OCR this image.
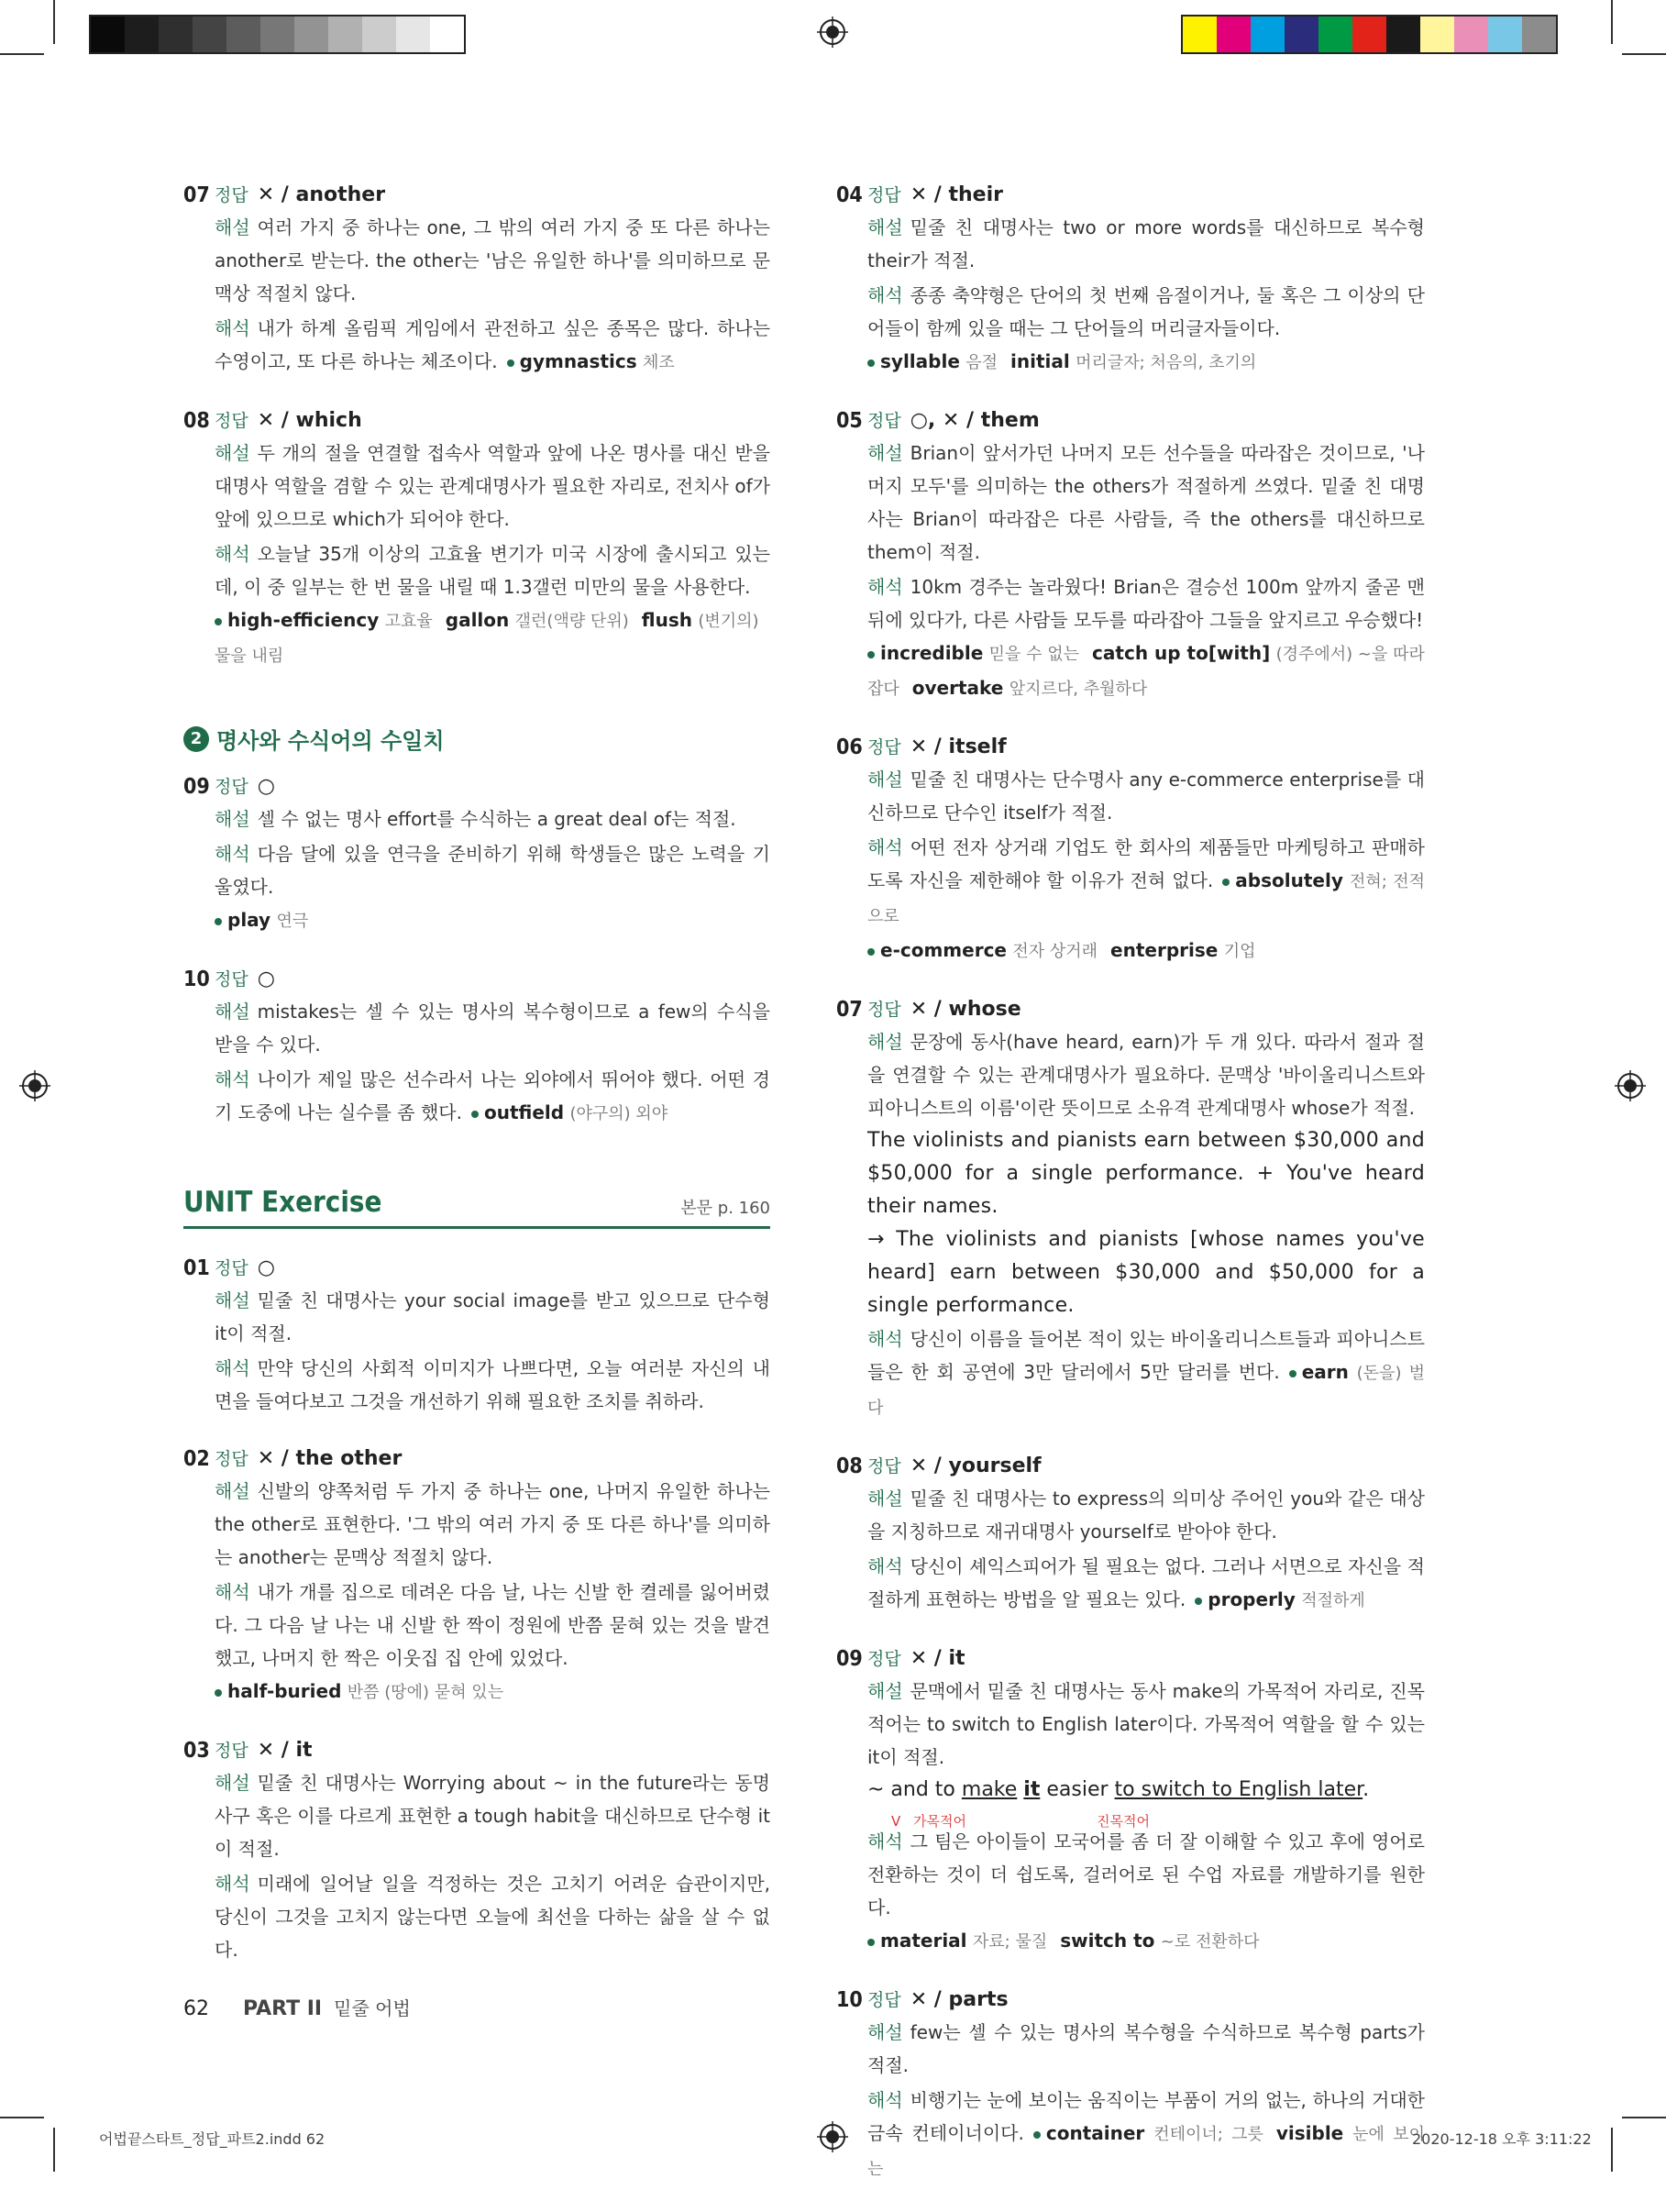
07 정답 ✕ / another
해설 여러 가지 중 하나는 one, 그 밖의 여러 가지 중 또 다른 하나는 another로 받는다. the other는 '남은 유일한 하나'를 의미하므로 문맥상 적절치 않다.
해석 내가 하계 올림픽 게임에서 관전하고 싶은 종목은 많다. 하나는 수영이고, 또 다른 하나는 체조이다. gymnastics 체조
08 정답 ✕ / which
해설 두 개의 절을 연결할 접속사 역할과 앞에 나온 명사를 대신 받을 대명사 역할을 겸할 수 있는 관계대명사가 필요한 자리로, 전치사 of가 앞에 있으므로 which가 되어야 한다.
해석 오늘날 35개 이상의 고효율 변기가 미국 시장에 출시되고 있는데, 이 중 일부는 한 번 물을 내릴 때 1.3갤런 미만의 물을 사용한다.
high-efficiency 고효율 gallon 갤런(액량 단위) flush (변기의) 물을 내림
2 명사와 수식어의 수일치
09 정답 ○
해설 셀 수 없는 명사 effort를 수식하는 a great deal of는 적절.
해석 다음 달에 있을 연극을 준비하기 위해 학생들은 많은 노력을 기울였다.
play 연극
10 정답 ○
해설 mistakes는 셀 수 있는 명사의 복수형이므로 a few의 수식을 받을 수 있다.
해석 나이가 제일 많은 선수라서 나는 외야에서 뛰어야 했다. 어떤 경기 도중에 나는 실수를 좀 했다. outfield (야구의) 외야
UNIT Exercise	본문 p. 160
01 정답 ○
해설 밑줄 친 대명사는 your social image를 받고 있으므로 단수형 it이 적절.
해석 만약 당신의 사회적 이미지가 나쁘다면, 오늘 여러분 자신의 내면을 들여다보고 그것을 개선하기 위해 필요한 조치를 취하라.
02 정답 ✕ / the other
해설 신발의 양쪽처럼 두 가지 중 하나는 one, 나머지 유일한 하나는 the other로 표현한다. '그 밖의 여러 가지 중 또 다른 하나'를 의미하는 another는 문맥상 적절치 않다.
해석 내가 개를 집으로 데려온 다음 날, 나는 신발 한 켤레를 잃어버렸다. 그 다음 날 나는 내 신발 한 짝이 정원에 반쯤 묻혀 있는 것을 발견했고, 나머지 한 짝은 이웃집 집 안에 있었다.
half-buried 반쯤 (땅에) 묻혀 있는
03 정답 ✕ / it
해설 밑줄 친 대명사는 Worrying about ~ in the future라는 동명사구 혹은 이를 다르게 표현한 a tough habit을 대신하므로 단수형 it이 적절.
해석 미래에 일어날 일을 걱정하는 것은 고치기 어려운 습관이지만, 당신이 그것을 고치지 않는다면 오늘에 최선을 다하는 삶을 살 수 없다.
04 정답 ✕ / their
해설 밑줄 친 대명사는 two or more words를 대신하므로 복수형 their가 적절.
해석 종종 축약형은 단어의 첫 번째 음절이거나, 둘 혹은 그 이상의 단어들이 함께 있을 때는 그 단어들의 머리글자들이다.
syllable 음절 initial 머리글자; 처음의, 초기의
05 정답 ○, ✕ / them
해설 Brian이 앞서가던 나머지 모든 선수들을 따라잡은 것이므로, '나머지 모두'를 의미하는 the others가 적절하게 쓰였다. 밑줄 친 대명사는 Brian이 따라잡은 다른 사람들, 즉 the others를 대신하므로 them이 적절.
해석 10km 경주는 놀라웠다! Brian은 결승선 100m 앞까지 줄곧 맨 뒤에 있다가, 다른 사람들 모두를 따라잡아 그들을 앞지르고 우승했다!
incredible 믿을 수 없는 catch up to[with] (경주에서) ~을 따라잡다 overtake 앞지르다, 추월하다
06 정답 ✕ / itself
해설 밑줄 친 대명사는 단수명사 any e-commerce enterprise를 대신하므로 단수인 itself가 적절.
해석 어떤 전자 상거래 기업도 한 회사의 제품들만 마케팅하고 판매하도록 자신을 제한해야 할 이유가 전혀 없다. absolutely 전혀; 전적으로
e-commerce 전자 상거래 enterprise 기업
07 정답 ✕ / whose
해설 문장에 동사(have heard, earn)가 두 개 있다. 따라서 절과 절을 연결할 수 있는 관계대명사가 필요하다. 문맥상 '바이올리니스트와 피아니스트의 이름'이란 뜻이므로 소유격 관계대명사 whose가 적절.
The violinists and pianists earn between $30,000 and $50,000 for a single performance. + You've heard their names.
→ The violinists and pianists [whose names you've heard] earn between $30,000 and $50,000 for a single performance.
해석 당신이 이름을 들어본 적이 있는 바이올리니스트들과 피아니스트들은 한 회 공연에 3만 달러에서 5만 달러를 번다. earn (돈을) 벌다
08 정답 ✕ / yourself
해설 밑줄 친 대명사는 to express의 의미상 주어인 you와 같은 대상을 지칭하므로 재귀대명사 yourself로 받아야 한다.
해석 당신이 셰익스피어가 될 필요는 없다. 그러나 서면으로 자신을 적절하게 표현하는 방법을 알 필요는 있다. properly 적절하게
09 정답 ✕ / it
해설 문맥에서 밑줄 친 대명사는 동사 make의 가목적어 자리로, 진목적어는 to switch to English later이다. 가목적어 역할을 할 수 있는 it이 적절.
~ and to make it easier to switch to English later.
V 가목적어	진목적어
해석 그 팀은 아이들이 모국어를 좀 더 잘 이해할 수 있고 후에 영어로 전환하는 것이 더 쉽도록, 걸러어로 된 수업 자료를 개발하기를 원한다.
material 자료; 물질 switch to ~로 전환하다
10 정답 ✕ / parts
해설 few는 셀 수 있는 명사의 복수형을 수식하므로 복수형 parts가 적절.
해석 비행기는 눈에 보이는 움직이는 부품이 거의 없는, 하나의 거대한 금속 컨테이너이다. container 컨테이너; 그릇 visible 눈에 보이는
62 PART II 밑줄 어법
어법끝스타트_정답_파트2.indd 62	2020-12-18 오후 3:11:22
